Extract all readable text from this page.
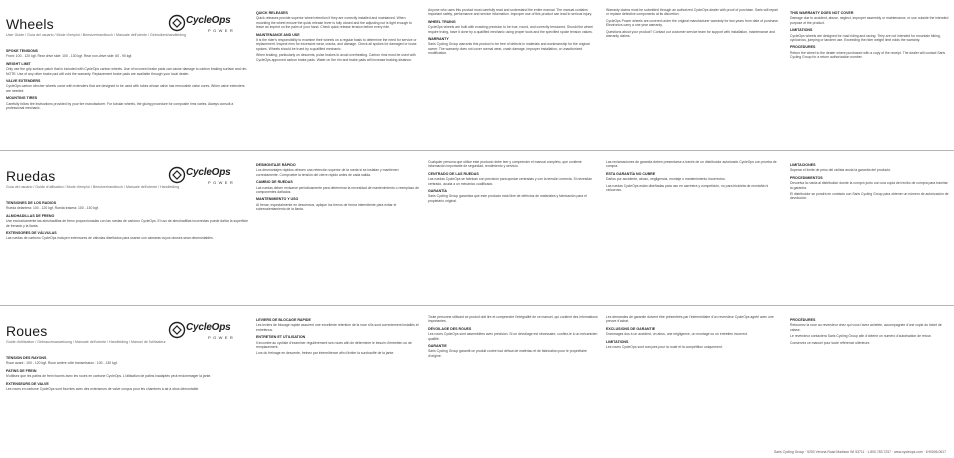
Wheels
User Guide / Guía del usuario / Mode d'emploi / Benutzerhandbuch / Manuale dell'utente / Gebruikershandleiding
CycleOps
POWER
SPOKE TENSIONS

Front: 100 - 120 kgf. Rear drive side: 100 - 130 kgf. Rear non-drive side: 60 - 90 kgf.

WEIGHT LIMIT

Only use the grip surface patch that is included with CycleOps carbon wheels. Use of incorrect brake pads can cause damage to carbon braking surface and rim. NOTE: Use of any other brake pad will void the warranty. Replacement brake pads are available through your local dealer.

VALVE EXTENDERS

CycleOps carbon clincher wheels come with extenders that are designed to be used with tubes whose valve has removable valve cores. When valve extenders are needed:

MOUNTING TIRES

Carefully follow tire instructions provided by your tire manufacturer. For tubular wheels, the gluing procedure for composite rims varies. Always consult a professional mechanic.

QUICK RELEASES

Quick releases provide superior wheel retention if they are correctly installed and maintained. When mounting the wheel ensure the quick release lever is fully closed and the adjusting nut is tight enough to leave an imprint on the palm of your hand. Check quick release tension before every ride.

MAINTENANCE AND USE

It is the rider's responsibility to examine their wheels on a regular basis to determine the need for service or replacement. Inspect rims for excessive wear, cracks, and damage. Check all spokes for damaged or loose spokes. Wheels should be trued by a qualified mechanic.

When braking, particularly on descents, pulse brakes to avoid overheating. Carbon rims must be used with CycleOps approved carbon brake pads. Water on the rim and brake pads will increase braking distance.

Anyone who uses this product must carefully read and understand the entire manual. The manual contains important safety, performance and service information. Improper use of this product can lead to serious injury.

WHEEL TRUING

CycleOps wheels are built with exacting precision to be true, round, and correctly tensioned. Should the wheel require truing, have it done by a qualified mechanic using proper tools and the specified spoke tension values.

WARRANTY

Saris Cycling Group warrants this product to be free of defects in materials and workmanship for the original owner. The warranty does not cover normal wear, crash damage, improper installation, or unauthorized modification.

Warranty claims must be submitted through an authorized CycleOps dealer with proof of purchase. Saris will repair or replace defective components at its discretion.

CycleOps Power wheels are covered under the original manufacturer warranty for two years from date of purchase. Electronics carry a one year warranty.

Questions about your product? Contact our customer service team for support with installation, maintenance and warranty claims.

THIS WARRANTY DOES NOT COVER

Damage due to accident, abuse, neglect, improper assembly or maintenance, or use outside the intended purpose of the product.

LIMITATIONS

CycleOps wheels are designed for road riding and racing. They are not intended for mountain biking, cyclocross, jumping or tandem use. Exceeding the rider weight limit voids the warranty.

PROCEDURES

Return the wheel to the dealer where purchased with a copy of the receipt. The dealer will contact Saris Cycling Group for a return authorization number.

Ruedas
Guía del usuario / Guide d'utilisation / Mode d'emploi / Benutzerhandbuch / Manuale dell'utente / Handleiding
CycleOps
POWER
TENSIONES DE LOS RADIOS

Rueda delantera: 100 - 120 kgf. Rueda trasera: 100 - 130 kgf.

ALMOHADILLAS DE FRENO

Use exclusivamente las almohadillas de freno proporcionadas con las ruedas de carbono CycleOps. El uso de almohadillas incorrectas puede dañar la superficie de frenado y la llanta.

EXTENSORES DE VÁLVULAS

Las ruedas de carbono CycleOps incluyen extensores de válvulas diseñados para usarse con cámaras cuyos obuses sean desmontables.

DESMONTAJE RÁPIDO

Los desmontajes rápidos ofrecen una retención superior de la rueda si se instalan y mantienen correctamente. Compruebe la tensión del cierre rápido antes de cada salida.

CAMBIO DE RUEDAS

Las ruedas deben revisarse periódicamente para determinar la necesidad de mantenimiento o reemplazo de componentes dañados.

MANTENIMIENTO Y USO

Al frenar, especialmente en descensos, aplique los frenos de forma intermitente para evitar el sobrecalentamiento de la llanta.

Cualquier persona que utilice este producto debe leer y comprender el manual completo, que contiene información importante de seguridad, rendimiento y servicio.

CENTRADO DE LAS RUEDAS

Las ruedas CycleOps se fabrican con precisión para quedar centradas y con la tensión correcta. Si necesitan centrado, acuda a un mecánico cualificado.

GARANTÍA

Saris Cycling Group garantiza que este producto está libre de defectos de materiales y fabricación para el propietario original.

Las reclamaciones de garantía deben presentarse a través de un distribuidor autorizado CycleOps con prueba de compra.

ESTA GARANTÍA NO CUBRE

Daños por accidente, abuso, negligencia, montaje o mantenimiento incorrectos.

Las ruedas CycleOps están diseñadas para uso en carretera y competición, no para bicicleta de montaña ni ciclocross.

LIMITACIONES

Superar el límite de peso del ciclista anula la garantía del producto.

PROCEDIMIENTOS

Devuelva la rueda al distribuidor donde la compró junto con una copia del recibo de compra para tramitar la garantía.

El distribuidor se pondrá en contacto con Saris Cycling Group para obtener un número de autorización de devolución.

Roues
Guide d'utilisation / Gebrauchsanweisung / Manuale dell'utente / Handleiding / Manuel de l'utilisateur
CycleOps
POWER
TENSION DES RAYONS

Roue avant : 100 - 120 kgf. Roue arrière côté transmission : 100 - 130 kgf.

PATINS DE FREIN

N'utilisez que les patins de frein fournis avec les roues en carbone CycleOps. L'utilisation de patins inadaptés peut endommager la jante.

EXTENSEURS DE VALVE

Les roues en carbone CycleOps sont fournies avec des extenseurs de valve conçus pour les chambres à air à obus démontable.

LEVIERS DE BLOCAGE RAPIDE

Les leviers de blocage rapide assurent une excellente retention de la roue s'ils sont correctement installés et entretenus.

ENTRETIEN ET UTILISATION

Il incombe au cycliste d'examiner régulièrement ses roues afin de déterminer le besoin d'entretien ou de remplacement.

Lors du freinage en descente, freinez par intermittence afin d'éviter la surchauffe de la jante.

Toute personne utilisant ce produit doit lire et comprendre l'intégralité de ce manuel, qui contient des informations importantes.

DÉVOILAGE DES ROUES

Les roues CycleOps sont assemblées avec précision. Si un dévoilage est nécessaire, confiez-le à un mécanicien qualifié.

GARANTIE

Saris Cycling Group garantit ce produit contre tout défaut de matériau et de fabrication pour le propriétaire d'origine.

Les demandes de garantie doivent être présentées par l'intermédiaire d'un revendeur CycleOps agréé avec une preuve d'achat.

EXCLUSIONS DE GARANTIE

Dommages dus à un accident, un abus, une négligence, un montage ou un entretien incorrect.

LIMITATIONS

Les roues CycleOps sont conçues pour la route et la compétition uniquement.

PROCÉDURES

Retournez la roue au revendeur chez qui vous l'avez achetée, accompagnée d'une copie du ticket de caisse.

Le revendeur contactera Saris Cycling Group afin d'obtenir un numéro d'autorisation de retour.

Conservez ce manuel pour toute référence ultérieure.

Saris Cycling Group · 5253 Verona Road Madison WI 53711 · 1.800.783.7257 · www.cycleops.com · 1H0006.0617
